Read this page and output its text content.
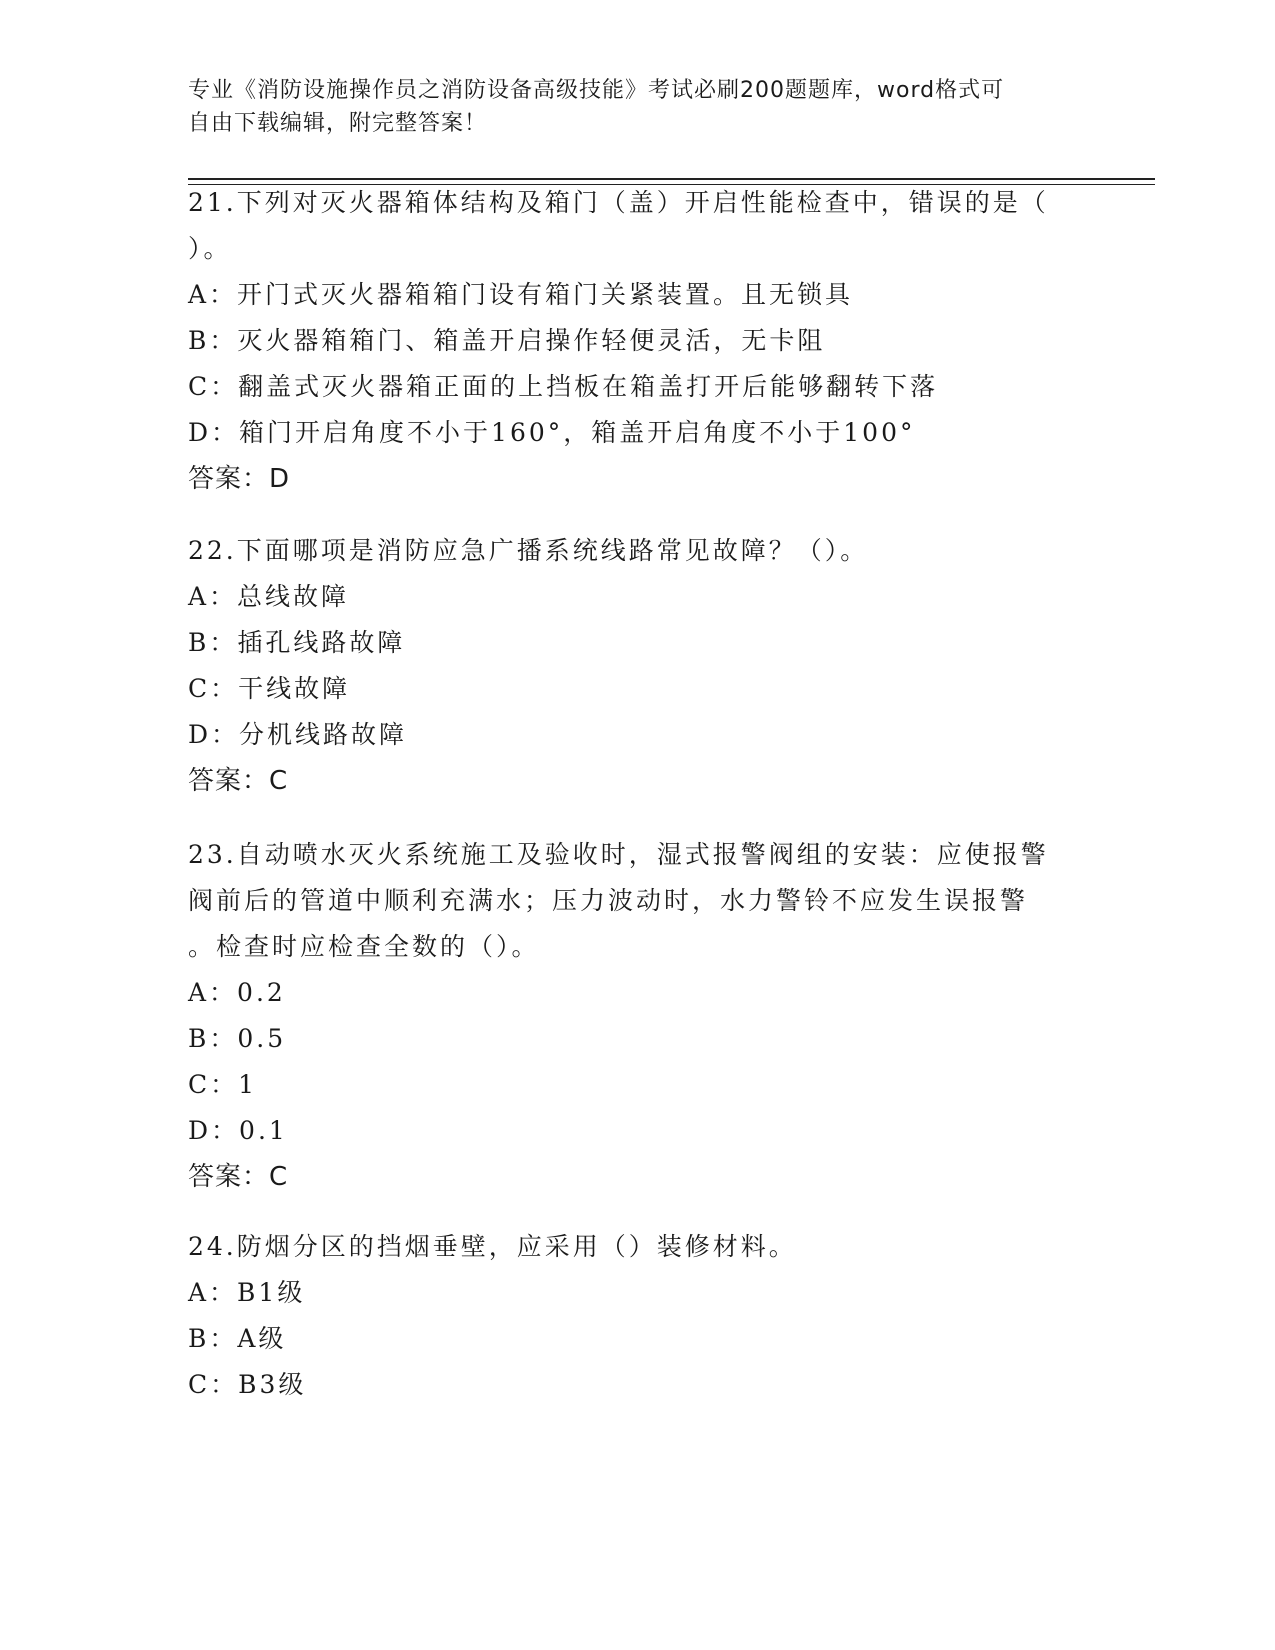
专业《消防设施操作员之消防设备高级技能》考试必刷200题题库，word格式可
自由下载编辑，附完整答案！

21.下列对灭火器箱体结构及箱门（盖）开启性能检查中，错误的是（

）。

A：开门式灭火器箱箱门设有箱门关紧装置。且无锁具

B：灭火器箱箱门、箱盖开启操作轻便灵活，无卡阻

C：翻盖式灭火器箱正面的上挡板在箱盖打开后能够翻转下落

D：箱门开启角度不小于160°，箱盖开启角度不小于100°

答案：D

22.下面哪项是消防应急广播系统线路常见故障？（）。

A：总线故障

B：插孔线路故障

C：干线故障

D：分机线路故障

答案：C

23.自动喷水灭火系统施工及验收时，湿式报警阀组的安装：应使报警

阀前后的管道中顺利充满水；压力波动时，水力警铃不应发生误报警

。检查时应检查全数的（）。

A：0.2

B：0.5

C：1

D：0.1

答案：C

24.防烟分区的挡烟垂壁，应采用（）装修材料。

A：B1级

B：A级

C：B3级
